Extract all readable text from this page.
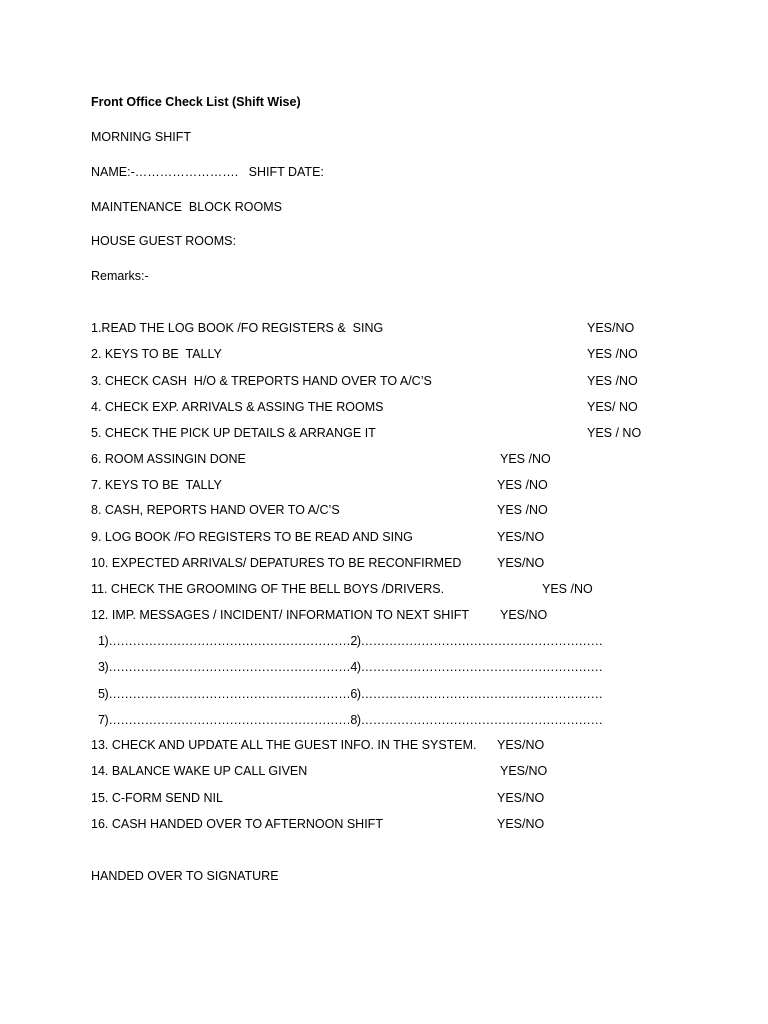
Front Office Check List (Shift Wise)
MORNING SHIFT
NAME:-…………………….   SHIFT DATE:
MAINTENANCE  BLOCK ROOMS
HOUSE GUEST ROOMS:
Remarks:-
1.READ THE LOG BOOK /FO REGISTERS &  SING	YES/NO
2. KEYS TO BE  TALLY	YES /NO
3. CHECK CASH  H/O & TREPORTS HAND OVER TO A/C’S	YES /NO
4. CHECK EXP. ARRIVALS & ASSING THE ROOMS	YES/ NO
5. CHECK THE PICK UP DETAILS & ARRANGE IT	YES / NO
6. ROOM ASSINGIN DONE	YES /NO
7. KEYS TO BE  TALLY	YES /NO
8. CASH, REPORTS HAND OVER TO A/C’S	YES /NO
9. LOG BOOK /FO REGISTERS TO BE READ AND SING	YES/NO
10. EXPECTED ARRIVALS/ DEPATURES TO BE RECONFIRMED	YES/NO
11. CHECK THE GROOMING OF THE BELL BOYS /DRIVERS.	YES /NO
12. IMP. MESSAGES / INCIDENT/ INFORMATION TO NEXT SHIFT YES/NO
1)……………………………………………………2)……………………………………………………
3)……………………………………………………4)……………………………………………………
5)……………………………………………………6)……………………………………………………
7)……………………………………………………8)……………………………………………………
13. CHECK AND UPDATE ALL THE GUEST INFO. IN THE SYSTEM. YES/NO
14. BALANCE WAKE UP CALL GIVEN	YES/NO
15. C-FORM SEND NIL	YES/NO
16. CASH HANDED OVER TO AFTERNOON SHIFT	YES/NO
HANDED OVER TO SIGNATURE
